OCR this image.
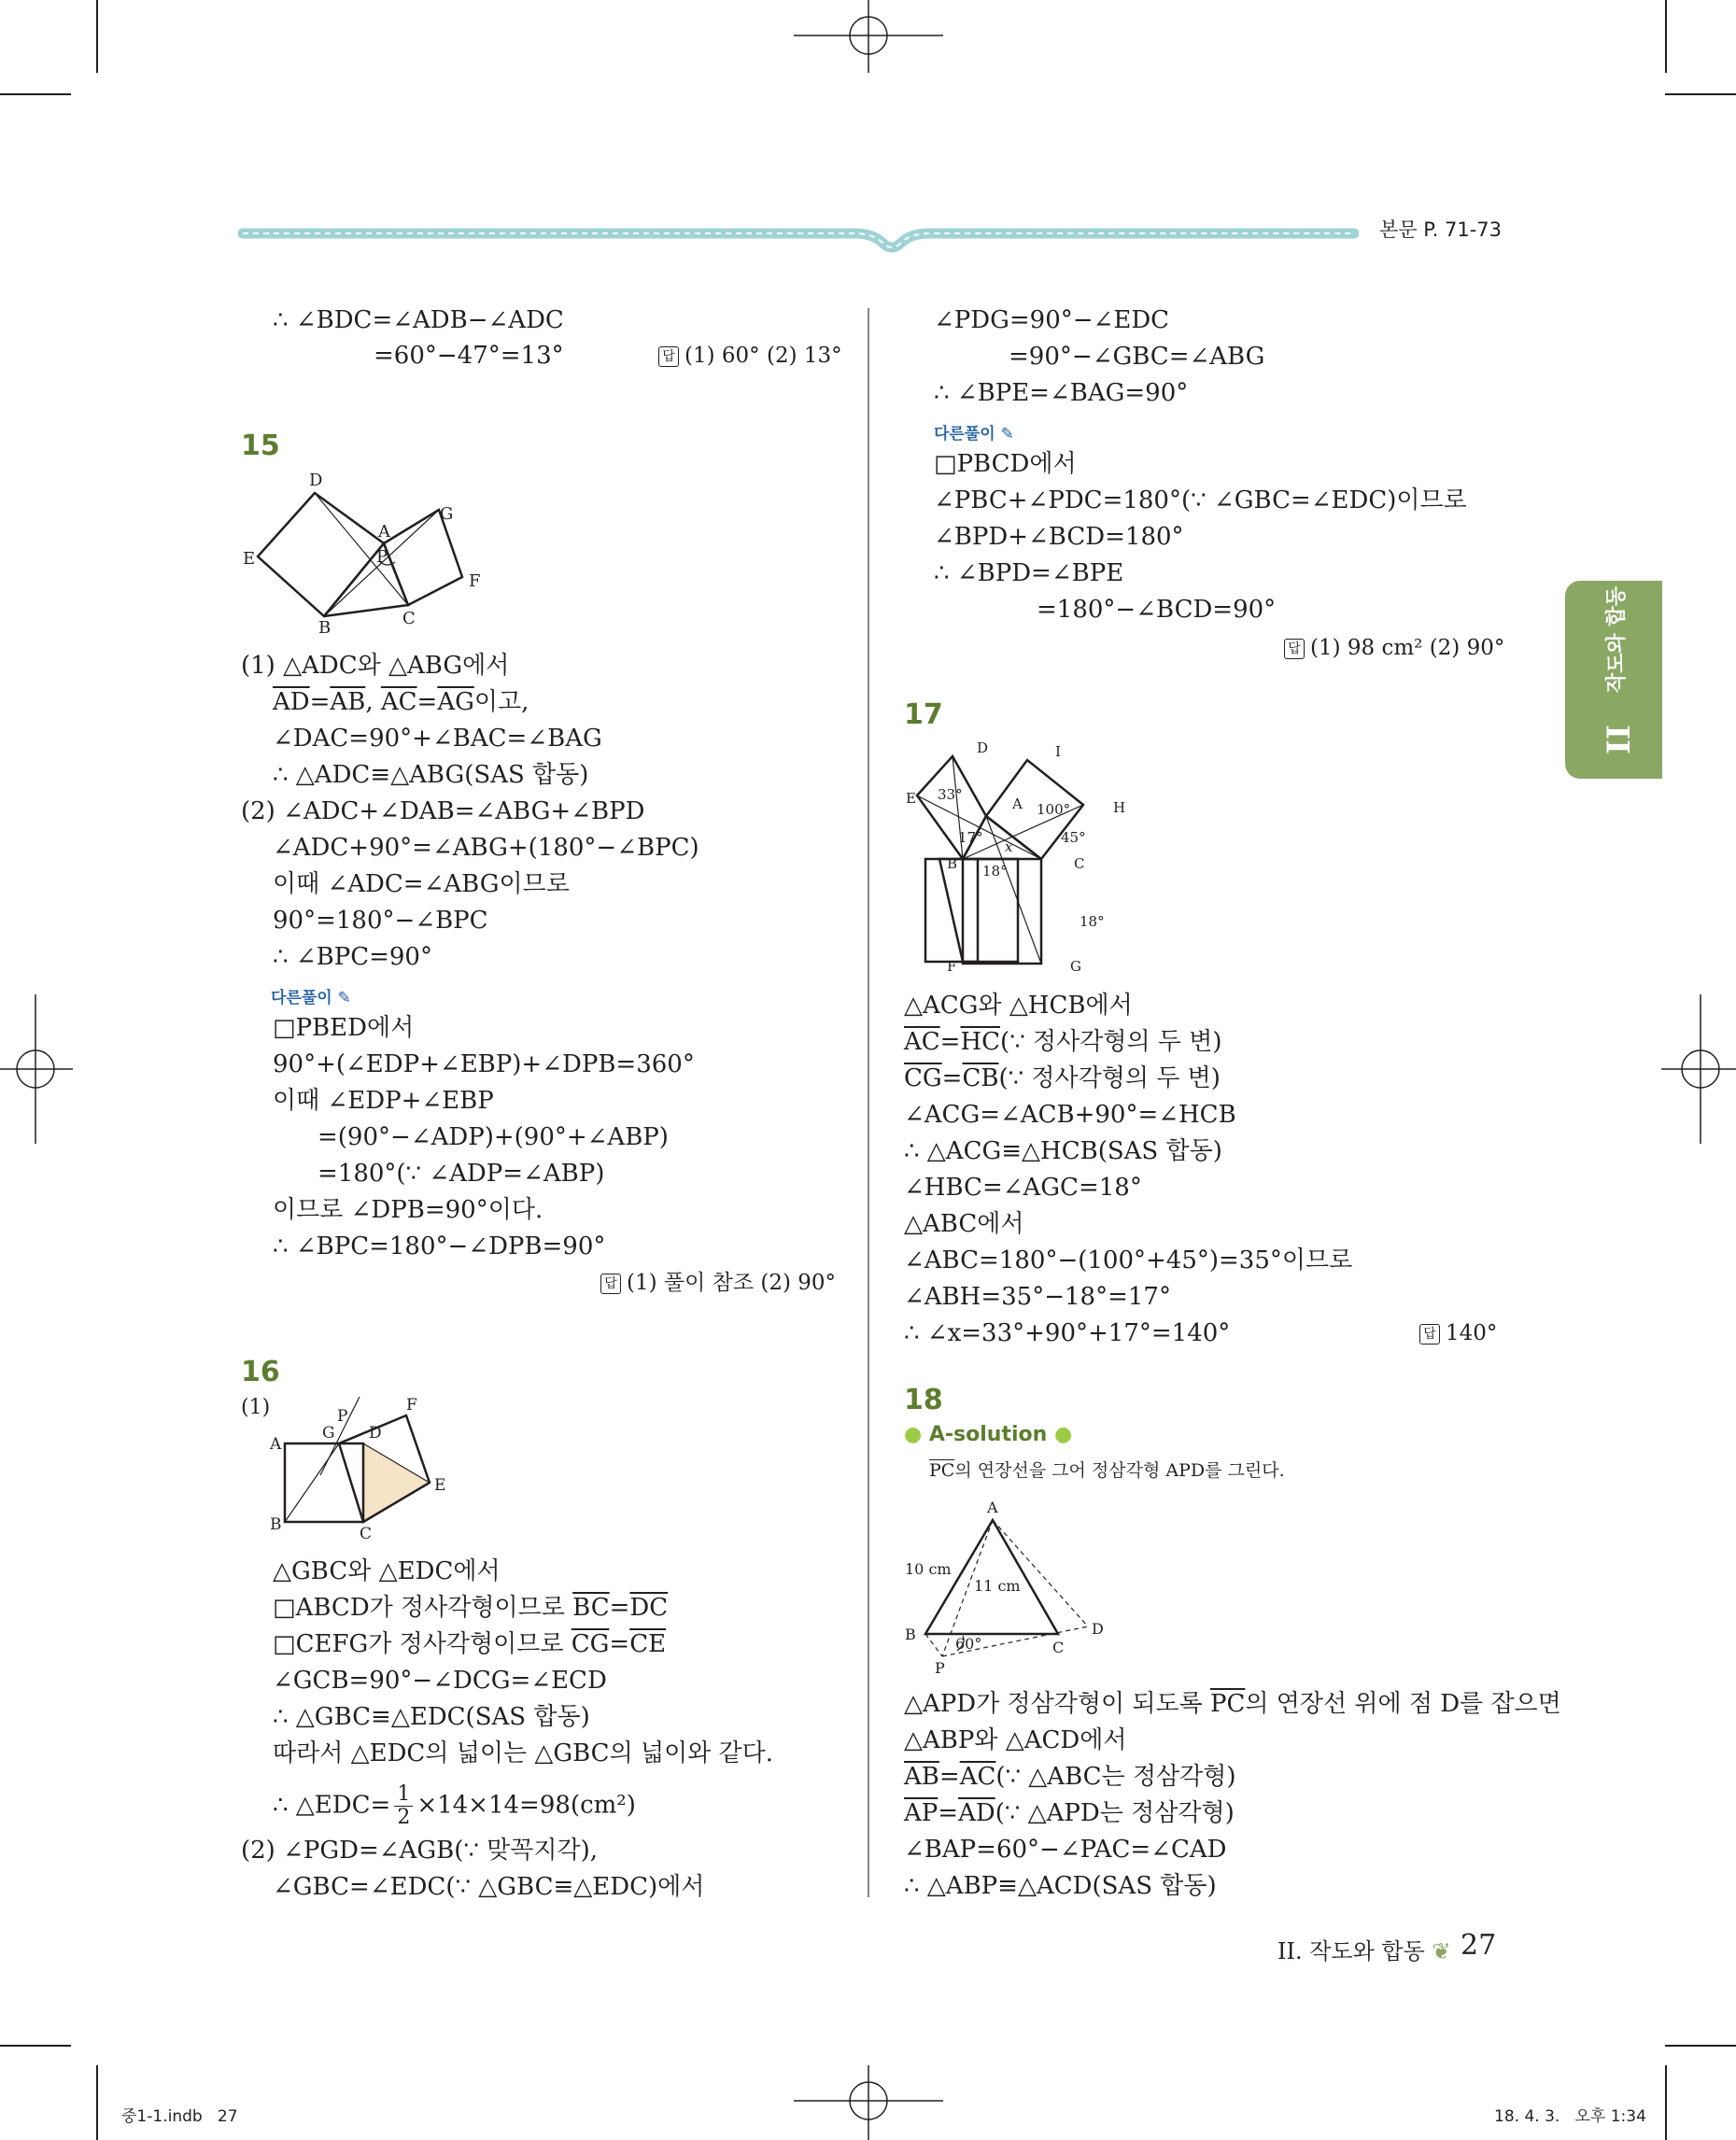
본문 P. 71-73
II
작도와 합동
∴ ∠BDC=∠ADB−∠ADC
=60°−47°=13°	답 (1) 60° (2) 13°
15
D
A
G
E	P
F
B	C
(1) △ADC와 △ABG에서
$\overline{AD}=\overline{AB}$, $\overline{AC}=\overline{AG}$이고,
∠DAC=90°+∠BAC=∠BAG
∴ △ADC≡△ABG(SAS 합동)
(2) ∠ADC+∠DAB=∠ABG+∠BPD
∠ADC+90°=∠ABG+(180°−∠BPC)
이때 ∠ADC=∠ABG이므로
90°=180°−∠BPC
∴ ∠BPC=90°
다른풀이 ✎
□PBED에서
90°+(∠EDP+∠EBP)+∠DPB=360°
이때 ∠EDP+∠EBP
=(90°−∠ADP)+(90°+∠ABP)
=180°(∵ ∠ADP=∠ABP)
이므로 ∠DPB=90°이다.
∴ ∠BPC=180°−∠DPB=90°
답 (1) 풀이 참조 (2) 90°
16
(1)	F
P
A
G D
E
B	C
△GBC와 △EDC에서
□ABCD가 정사각형이므로 $\overline{BC}=\overline{DC}$
□CEFG가 정사각형이므로 $\overline{CG}=\overline{CE}$
∠GCB=90°−∠DCG=∠ECD
∴ △GBC≡△EDC(SAS 합동)
따라서 △EDC의 넓이는 △GBC의 넓이와 같다.
∴ △EDC= $\frac{1}{2} \times 14\times 14=98(cm^2)$
(2) ∠PGD=∠AGB(∵ 맞꼭지각),
∠GBC=∠EDC(∵ △GBC≡△EDC)에서
∠PDG=90°−∠EDC
=90°−∠GBC=∠ABG
∴ ∠BPE=∠BAG=90°
다른풀이 ✎
□PBCD에서
∠PBC+∠PDC=180°(∵ ∠GBC=∠EDC)이므로
∠BPD+∠BCD=180°
∴ ∠BPD=∠BPE
=180°−∠BCD=90°
답 (1) 98 cm² (2) 90°
17
D	I
E 33°
A 100°	H
17°	45°
x
B	C
18°
18°
F	G
△ACG와 △HCB에서
$\overline{AC}=\overline{HC}(\because$ 정사각형의 두 변)
$\overline{CG}=\overline{CB}(\because$ 정사각형의 두 변)
∠ACG=∠ACB+90°=∠HCB
∴ △ACG≡△HCB(SAS 합동)
∠HBC=∠AGC=18°
△ABC에서
∠ABC=180°−(100°+45°)=35°이므로
∠ABH=35°−18°=17°
∴ ∠x=33°+90°+17°=140°	답 140°
18
● A-solution ●
$\overline{PC}$의 연장선을 그어 정삼각형 APD를 그린다.
A
10 cm
11 cm
B
60°	C
D
P
△APD가 정삼각형이 되도록 $\overline{PC}$의 연장선 위에 점 D를 잡으면
△ABP와 △ACD에서
$\overline{AB}=\overline{AC}(\because$ △ABC는 정삼각형)
$\overline{AP}=\overline{AD}(\because$ △APD는 정삼각형)
∠BAP=60°−∠PAC=∠CAD
∴ △ABP≡△ACD(SAS 합동)
II. 작도와 합동 ❦ 27
중1-1.indb   27	18. 4. 3.   오후 1:34
